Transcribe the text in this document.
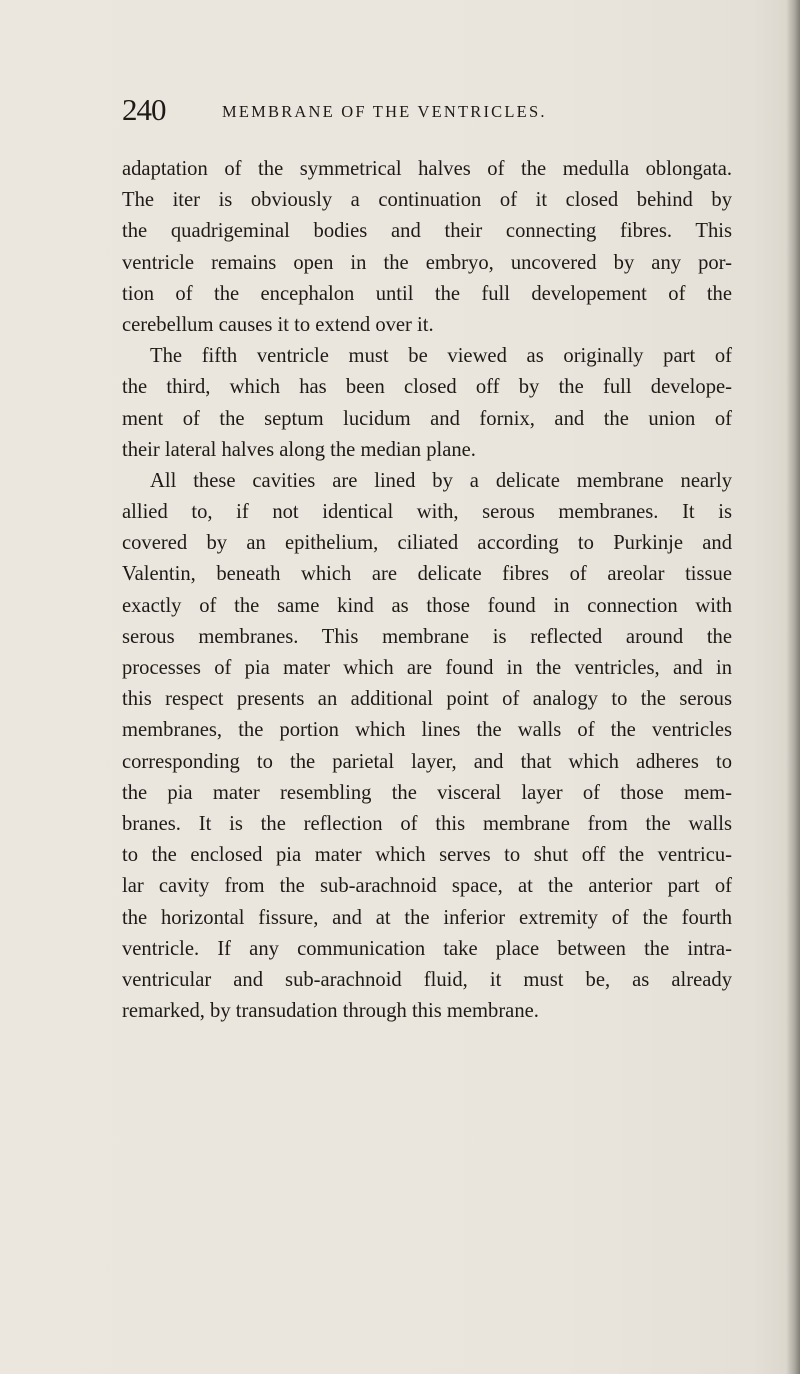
240	MEMBRANE OF THE VENTRICLES.
adaptation of the symmetrical halves of the medulla oblongata.
The iter is obviously a continuation of it closed behind by
the quadrigeminal bodies and their connecting fibres. This
ventricle remains open in the embryo, uncovered by any por-
tion of the encephalon until the full developement of the
cerebellum causes it to extend over it.
The fifth ventricle must be viewed as originally part of
the third, which has been closed off by the full develope-
ment of the septum lucidum and fornix, and the union of
their lateral halves along the median plane.
All these cavities are lined by a delicate membrane nearly
allied to, if not identical with, serous membranes. It is
covered by an epithelium, ciliated according to Purkinje and
Valentin, beneath which are delicate fibres of areolar tissue
exactly of the same kind as those found in connection with
serous membranes. This membrane is reflected around the
processes of pia mater which are found in the ventricles, and in
this respect presents an additional point of analogy to the serous
membranes, the portion which lines the walls of the ventricles
corresponding to the parietal layer, and that which adheres to
the pia mater resembling the visceral layer of those mem-
branes. It is the reflection of this membrane from the walls
to the enclosed pia mater which serves to shut off the ventricu-
lar cavity from the sub-arachnoid space, at the anterior part of
the horizontal fissure, and at the inferior extremity of the fourth
ventricle. If any communication take place between the intra-
ventricular and sub-arachnoid fluid, it must be, as already
remarked, by transudation through this membrane.
